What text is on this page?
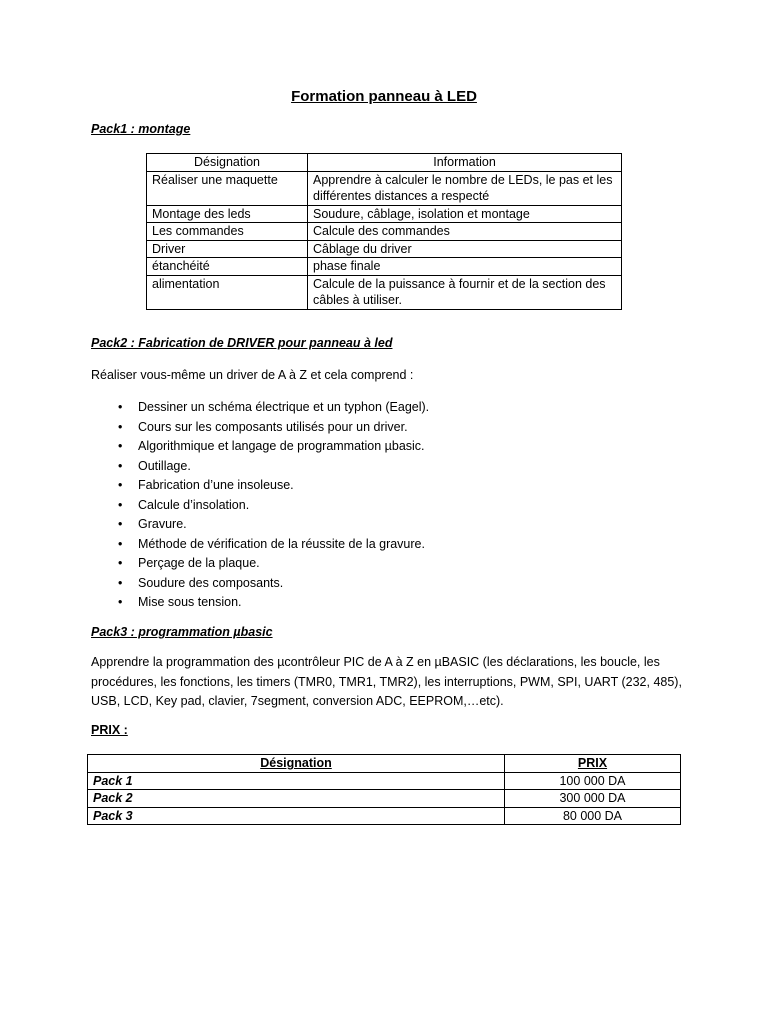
Formation panneau à LED
Pack1 : montage
Désignation	Information
Réaliser une maquette	Apprendre à calculer le nombre de LEDs, le pas et les différentes distances a respecté
Montage des leds	Soudure, câblage, isolation et montage
Les commandes	Calcule des commandes
Driver	Câblage du driver
étanchéité	phase finale
alimentation	Calcule de la puissance à fournir et de la section des câbles à utiliser.
Pack2 : Fabrication de DRIVER pour panneau à led
Réaliser vous-même un driver de A à Z et cela comprend :
• Dessiner un schéma électrique et un typhon (Eagel).
• Cours sur les composants utilisés pour un driver.
• Algorithmique et langage de programmation µbasic.
• Outillage.
• Fabrication d’une insoleuse.
• Calcule d’insolation.
• Gravure.
• Méthode de vérification de la réussite de la gravure.
• Perçage de la plaque.
• Soudure des composants.
• Mise sous tension.
Pack3 : programmation µbasic
Apprendre la programmation des µcontrôleur PIC de A à Z en µBASIC (les déclarations, les boucle, les procédures, les fonctions, les timers (TMR0, TMR1, TMR2), les interruptions, PWM, SPI, UART (232, 485), USB, LCD, Key pad, clavier, 7segment, conversion ADC, EEPROM,…etc).
PRIX :
Désignation	PRIX
Pack 1	100 000 DA
Pack 2	300 000 DA
Pack 3	80 000 DA
